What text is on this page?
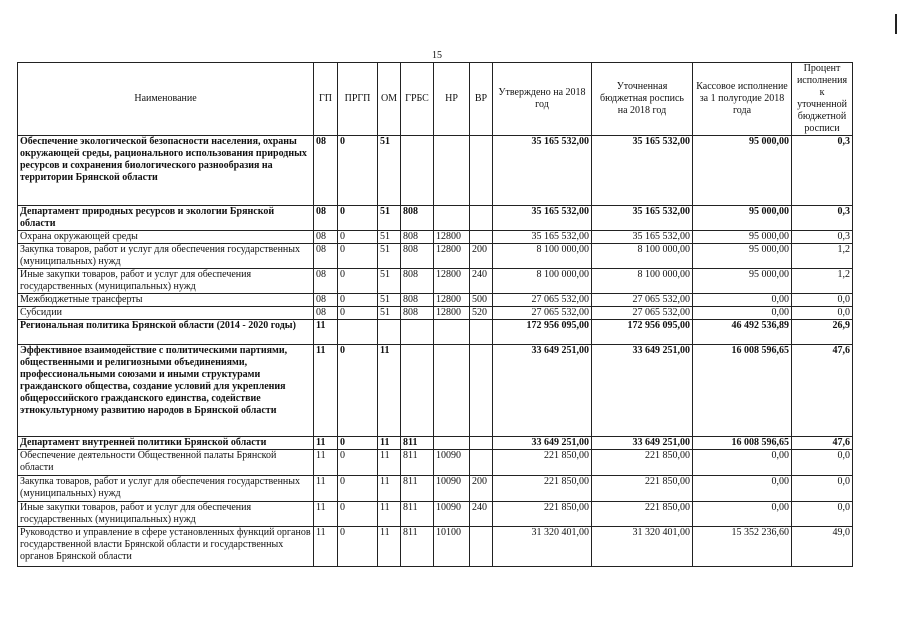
15
Наименование	ГП	ПРГП	ОМ	ГРБС	НР	ВР	Утверждено на 2018 год	Уточненная бюджетная роспись на 2018 год	Кассовое исполнение за 1 полугодие 2018 года	Процент исполнения к уточненной бюджетной росписи
Обеспечение экологической безопасности населения, охраны окружающей среды, рационального использования природных ресурсов и сохранения биологического разнообразия на территории Брянской области	08	0	51				35 165 532,00	35 165 532,00	95 000,00	0,3
Департамент природных ресурсов и экологии Брянской области	08	0	51	808			35 165 532,00	35 165 532,00	95 000,00	0,3
Охрана окружающей среды	08	0	51	808	12800		35 165 532,00	35 165 532,00	95 000,00	0,3
Закупка товаров, работ и услуг для обеспечения государственных (муниципальных) нужд	08	0	51	808	12800	200	8 100 000,00	8 100 000,00	95 000,00	1,2
Иные закупки товаров, работ и услуг для обеспечения государственных (муниципальных) нужд	08	0	51	808	12800	240	8 100 000,00	8 100 000,00	95 000,00	1,2
Межбюджетные трансферты	08	0	51	808	12800	500	27 065 532,00	27 065 532,00	0,00	0,0
Субсидии	08	0	51	808	12800	520	27 065 532,00	27 065 532,00	0,00	0,0
Региональная политика Брянской области (2014 - 2020 годы)	11						172 956 095,00	172 956 095,00	46 492 536,89	26,9
Эффективное взаимодействие с политическими партиями, общественными и религиозными объединениями, профессиональными союзами и иными структурами гражданского общества, создание условий для укрепления общероссийского гражданского единства, содействие этнокультурному развитию народов в Брянской области	11	0	11				33 649 251,00	33 649 251,00	16 008 596,65	47,6
Департамент внутренней политики Брянской области	11	0	11	811			33 649 251,00	33 649 251,00	16 008 596,65	47,6
Обеспечение деятельности Общественной палаты Брянской области	11	0	11	811	10090		221 850,00	221 850,00	0,00	0,0
Закупка товаров, работ и услуг для обеспечения государственных (муниципальных) нужд	11	0	11	811	10090	200	221 850,00	221 850,00	0,00	0,0
Иные закупки товаров, работ и услуг для обеспечения государственных (муниципальных) нужд	11	0	11	811	10090	240	221 850,00	221 850,00	0,00	0,0
Руководство и управление в сфере установленных функций органов государственной власти Брянской области и государственных органов Брянской области	11	0	11	811	10100		31 320 401,00	31 320 401,00	15 352 236,60	49,0
